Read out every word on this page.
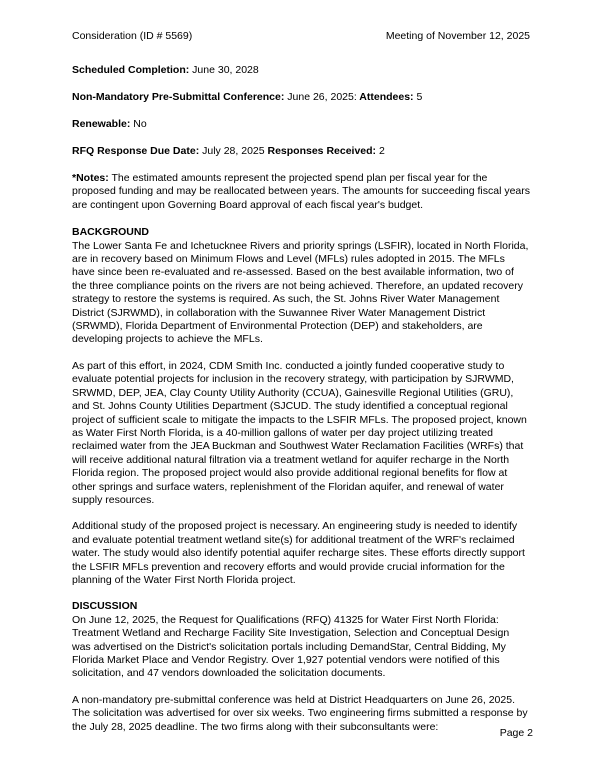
Consideration (ID # 5569)	Meeting of November 12, 2025
Scheduled Completion: June 30, 2028
Non-Mandatory Pre-Submittal Conference: June 26, 2025: Attendees: 5
Renewable: No
RFQ Response Due Date: July 28, 2025 Responses Received: 2
*Notes: The estimated amounts represent the projected spend plan per fiscal year for the proposed funding and may be reallocated between years. The amounts for succeeding fiscal years are contingent upon Governing Board approval of each fiscal year's budget.
BACKGROUND

The Lower Santa Fe and Ichetucknee Rivers and priority springs (LSFIR), located in North Florida, are in recovery based on Minimum Flows and Level (MFLs) rules adopted in 2015. The MFLs have since been re-evaluated and re-assessed. Based on the best available information, two of the three compliance points on the rivers are not being achieved. Therefore, an updated recovery strategy to restore the systems is required. As such, the St. Johns River Water Management District (SJRWMD), in collaboration with the Suwannee River Water Management District (SRWMD), Florida Department of Environmental Protection (DEP) and stakeholders, are developing projects to achieve the MFLs.

As part of this effort, in 2024, CDM Smith Inc. conducted a jointly funded cooperative study to evaluate potential projects for inclusion in the recovery strategy, with participation by SJRWMD, SRWMD, DEP, JEA, Clay County Utility Authority (CCUA), Gainesville Regional Utilities (GRU), and St. Johns County Utilities Department (SJCUD. The study identified a conceptual regional project of sufficient scale to mitigate the impacts to the LSFIR MFLs. The proposed project, known as Water First North Florida, is a 40-million gallons of water per day project utilizing treated reclaimed water from the JEA Buckman and Southwest Water Reclamation Facilities (WRFs) that will receive additional natural filtration via a treatment wetland for aquifer recharge in the North Florida region. The proposed project would also provide additional regional benefits for flow at other springs and surface waters, replenishment of the Floridan aquifer, and renewal of water supply resources.

Additional study of the proposed project is necessary. An engineering study is needed to identify and evaluate potential treatment wetland site(s) for additional treatment of the WRF's reclaimed water. The study would also identify potential aquifer recharge sites. These efforts directly support the LSFIR MFLs prevention and recovery efforts and would provide crucial information for the planning of the Water First North Florida project.

DISCUSSION

On June 12, 2025, the Request for Qualifications (RFQ) 41325 for Water First North Florida: Treatment Wetland and Recharge Facility Site Investigation, Selection and Conceptual Design was advertised on the District's solicitation portals including DemandStar, Central Bidding, My Florida Market Place and Vendor Registry. Over 1,927 potential vendors were notified of this solicitation, and 47 vendors downloaded the solicitation documents.

A non-mandatory pre-submittal conference was held at District Headquarters on June 26, 2025. The solicitation was advertised for over six weeks. Two engineering firms submitted a response by the July 28, 2025 deadline. The two firms along with their subconsultants were:

Page 2
